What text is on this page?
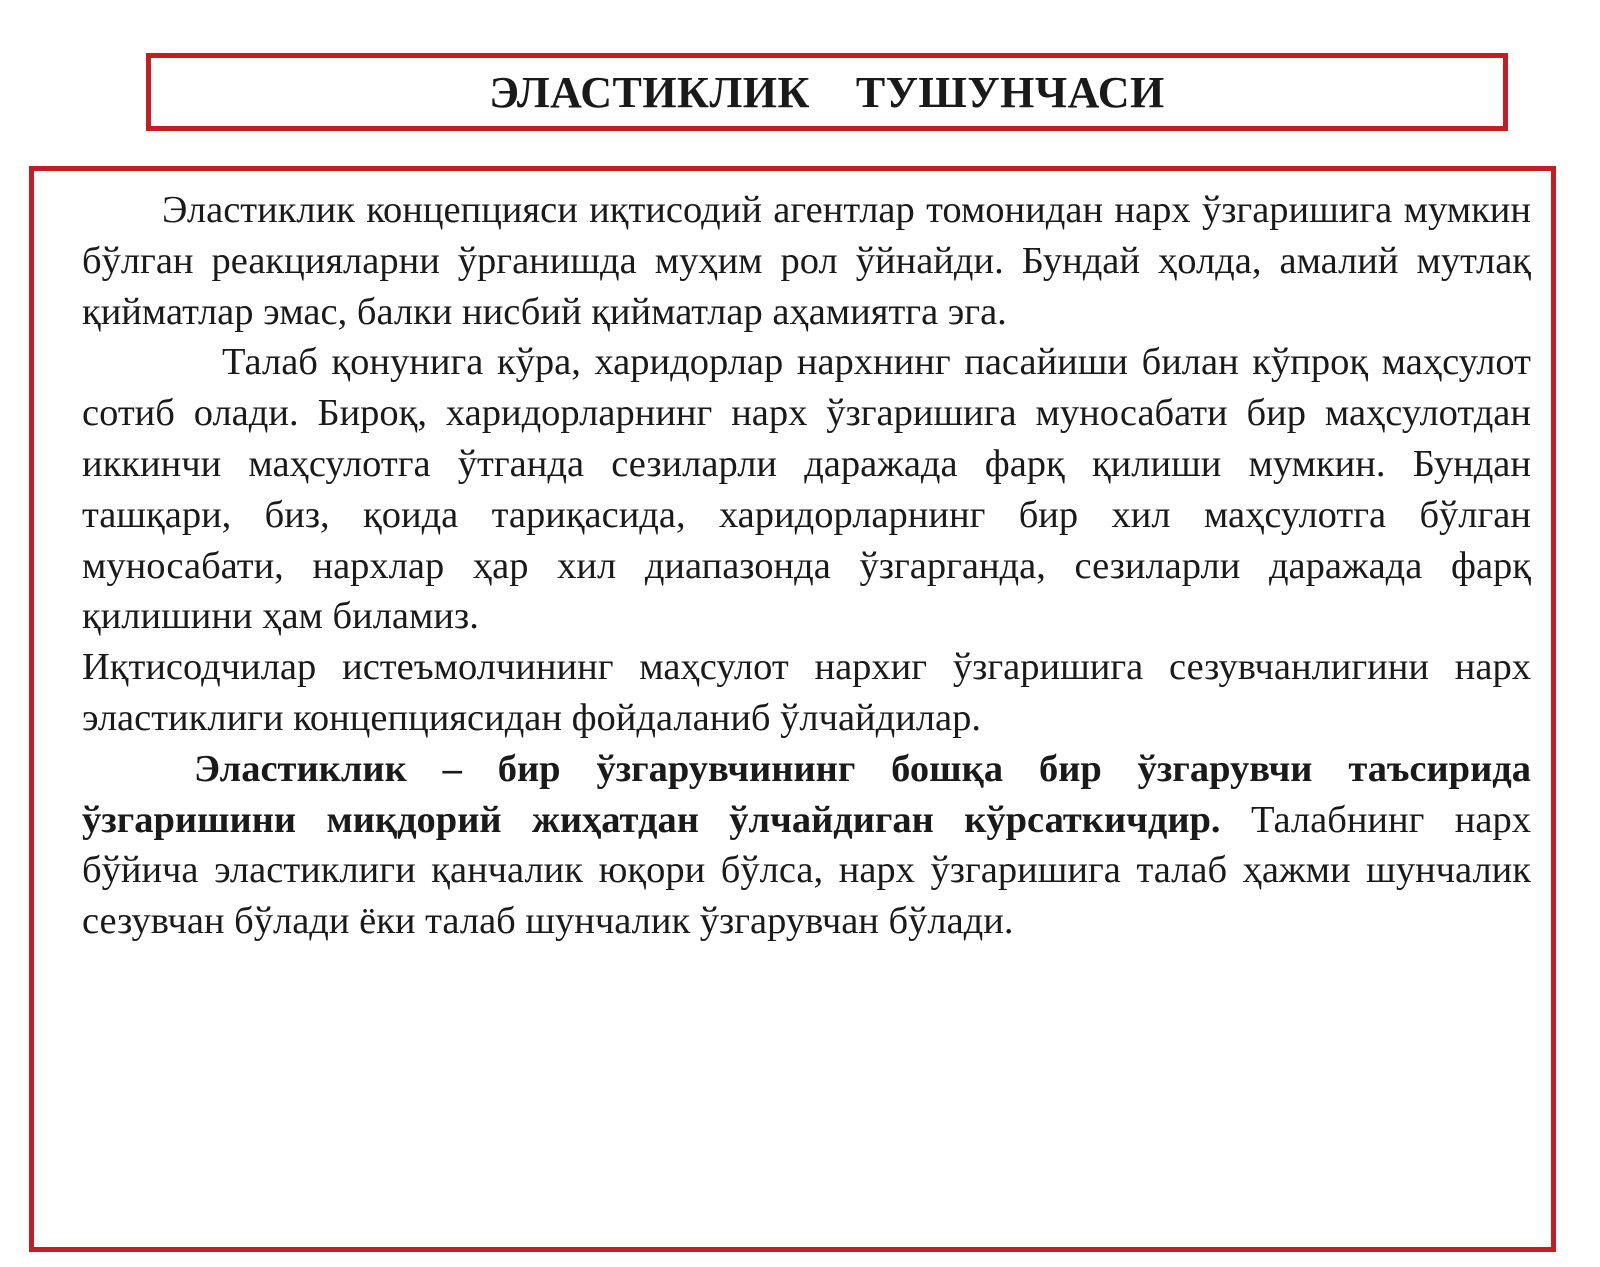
ЭЛАСТИКЛИК    ТУШУНЧАСИ

Эластиклик концепцияси иқтисодий агентлар томонидан нарх ўзгаришига мумкин бўлган реакцияларни ўрганишда муҳим рол ўйнайди. Бундай ҳолда, амалий мутлақ қийматлар эмас, балки нисбий қийматлар аҳамиятга эга.

Талаб қонунига кўра, харидорлар нархнинг пасайиши билан кўпроқ маҳсулот сотиб олади. Бироқ, харидорларнинг нарх ўзгаришига муносабати бир маҳсулотдан иккинчи маҳсулотга ўтганда сезиларли даражада фарқ қилиши мумкин. Бундан ташқари, биз, қоида тариқасида, харидорларнинг бир хил маҳсулотга бўлган муносабати, нархлар ҳар хил диапазонда ўзгарганда, сезиларли даражада фарқ қилишини ҳам биламиз.

Иқтисодчилар истеъмолчининг маҳсулот нархиг ўзгаришига сезувчанлигини нарх эластиклиги концепциясидан фойдаланиб ўлчайдилар.

Эластиклик – бир ўзгарувчининг бошқа бир ўзгарувчи таъсирида ўзгаришини миқдорий жиҳатдан ўлчайдиган кўрсаткичдир. Талабнинг нарх бўйича эластиклиги қанчалик юқори бўлса, нарх ўзгаришига талаб ҳажми шунчалик сезувчан бўлади ёки талаб шунчалик ўзгарувчан бўлади.
